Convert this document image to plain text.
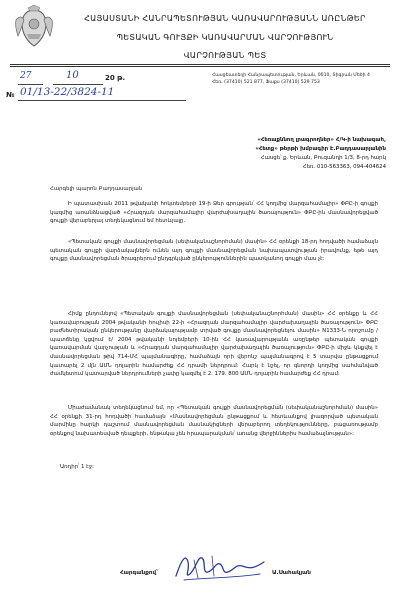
ՀԱՅԱՍՏԱՆԻ ՀԱՆՐԱՊԵՏՈՒԹՅԱՆ ԿԱՌԱՎԱՐՈՒԹՅԱՆՆ ԱՌԸՆԹԵՐ
ՊԵՏԱԿԱՆ ԳՈՒՅՔԻ ԿԱՌԱՎԱՐՄԱՆ ՎԱՐՉՈՒԹՅՈՒՆ
ՎԱՐՉՈՒԹՅԱՆ ՊԵՏ
27	10	20 թ.
№ 01/13-22/3824-11
Հասցեատեղի Հանրապետության, Երևան, 0010, Տիգրան Մեծի 4
Հեռ․ (37410) 521 877, Ֆաքս (37410) 529 753
«Հեռաքննող լրագրողներ» Հ/Կ-ի նախագահ,
«Հետք» թերթի խմբագիր Է.Բաղդասարյանին
Հասցե՝ ք. Երևան, Բուզանդի 1/3, 8-րդ հարկ
Հեռ. 010-563363, 094-404624
Հարգելի պարոն Բաղդասարյան
Ի պատասխան 2011 թվականի հոկտեմբերի 19-ի Ձեր գրության՝ ՀՀ կողմից մարզահամալիր» ՓԲԸ-ի գույքի կազմից առանձնացված «Հրազդան մարզահամալիր վարժախաղային ծառայություն» ՓԲԸ-ին մասնավորեցված գույքի վերաբերյալ տեղեկացնում եմ հետևյալը.
«Պետական գույքի մասնավորեցման (սեփականաշնորհման) մասին» ՀՀ օրենքի 18-րդ հոդվածի համաձայն պետական գույքի վարձակալներն ունեն այդ գույքի մասնավորեցման նախապատվության իրավունք, եթե այդ գույքը մասնավորեցման ծրագրերում ընդգրկված ընկերություններին պատկանող գույքի մաս չէ:
Հիմք ընդունելով «Պետական գույքի մասնավորեցման (սեփականաշնորհման) մասին» ՀՀ օրենքը և ՀՀ կառավարության 2004 թվականի hուլիսի 22-ի «Հրազդան մարզահամալիր վարժախաղային ծառայություն» ՓԲԸ բաժնետիրական ընկերությանը վարձակալությամբ տրված գույքը մասնավորեցնելու մասին» N1333-Ն որոշումը /պատճենը կցվում է/ 2004 թվականի նոյեմբերի 10-ին ՀՀ կառավարությանն առընթեր պետական գույքի կառավարման վարչության և «Հրազդան մարզահամալիր վարժախաղային ծառայություն» ՓԲԸ-ի միջև կնքվել է մասնավորեցման թիվ 714-ՄՀ պայմանագիրը, համաձայն որի վերոնշ պայմանագրով է 5 տարվա ընթացքում կատարել 2 մլն ԱՄՆ դոլարին համարժեք ՀՀ դրամի ներդրում: Հարկ է նշել, որ գնորդի կողմից սահմանված ժամկետում կատարված ներդրումների չափը կազմել է 2. 179. 800 ԱՄՆ դոլարին համարժեք ՀՀ դրամ:
Միաժամանակ տեղեկացնում եմ, որ «Պետական գույքի մասնավորեցման (սեփականաշնորհման) մասին» ՀՀ օրենքի 31-րդ հոդվածի համաձայն «Մասնավորեցման ընթացքում և հետևանքով լիազորված պետական մարմինը հարկի դաշտում մասնավորեցման մասնակիցների վերաբերող տեղեկությունները, բացառությամբ օրենքով նախատեսված դեպքերի, ենթակա չեն հրապարակման՝ առանց վերջիններիս համաձայնության»:
Առդիր՝ 1 էջ:
Հարգանքով՝	Ա.Սահակյան
